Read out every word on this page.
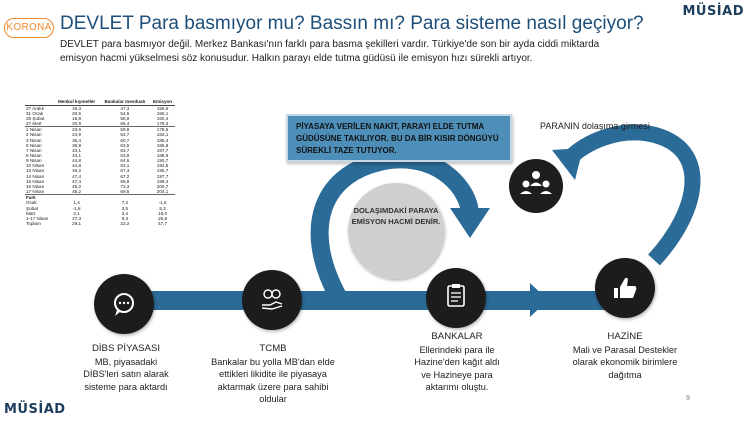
KORONA DEVLET Para basmıyor mu? Bassın mı? Para sisteme nasıl geçiyor?
MÜSİAD
DEVLET para basmıyor değil. Merkez Bankası'nın farklı para basma şekilleri vardır. Türkiye'de son bir ayda ciddi miktarda emisyon hacmi yükselmesi söz konusudur. Halkın parayı elde tutma güdüsü ile emisyon hızı sürekli artıyor.
	Menkul kıymetler	Bankalar mevduatı	Emisyon
27 Aralık	19,3	47,3	156,6
31 Ocak	20,5	54,5	155,1
28 Şubat	18,8	58,8	160,4
27 Mart	20,9	66,4	178,3
1 Nisan	23,6	59,8	178,5
2 Nisan	24,9	54,7	183,1
3 Nisan	35,4	60,7	185,4
6 Nisan	36,9	63,5	186,8
7 Nisan	43,1	63,7	187,7
8 Nisan	43,1	63,8	188,9
9 Nisan	44,8	64,6	190,7
10 Nisan	44,8	63,1	194,5
13 Nisan	46,2	67,4	195,7
14 Nisan	47,4	67,2	197,7
15 Nisan	47,4	66,8	199,4
16 Nisan	48,2	72,3	200,7
17 Nisan	48,2	69,5	204,1
Fark			
Ocak	1,4	7,2	-1,5
Şubat	-1,8	3,5	5,3
Mart	2,1	2,4	18,0
1-17 Nisan	27,3	9,3	25,8
Toplam	29,1	22,2	47,7
PİYASAYA VERİLEN NAKİT, PARAYI ELDE TUTMA GÜDÜSÜNE TAKILIYOR. BU DA BİR KISIR DÖNGÜYÜ SÜREKLİ TAZE TUTUYOR.
PARANIN dolaşıma girmesi
DOLAŞIMDAKİ PARAYA EMİSYON HACMİ DENİR.
DİBS PİYASASI
MB, piyasadaki
DİBS'leri satın alarak
sisteme para aktardı
TCMB
Bankalar bu yolla MB'dan elde
ettikleri likidite ile piyasaya
aktarmak üzere para sahibi
oldular
BANKALAR
Ellerindeki para ile
Hazine'den kağıt aldı
ve Hazineye para
aktarımı oluştu.
HAZİNE
Mali ve Parasal Destekler
olarak ekonomik birimlere
dağıtma
9
MÜSİAD
